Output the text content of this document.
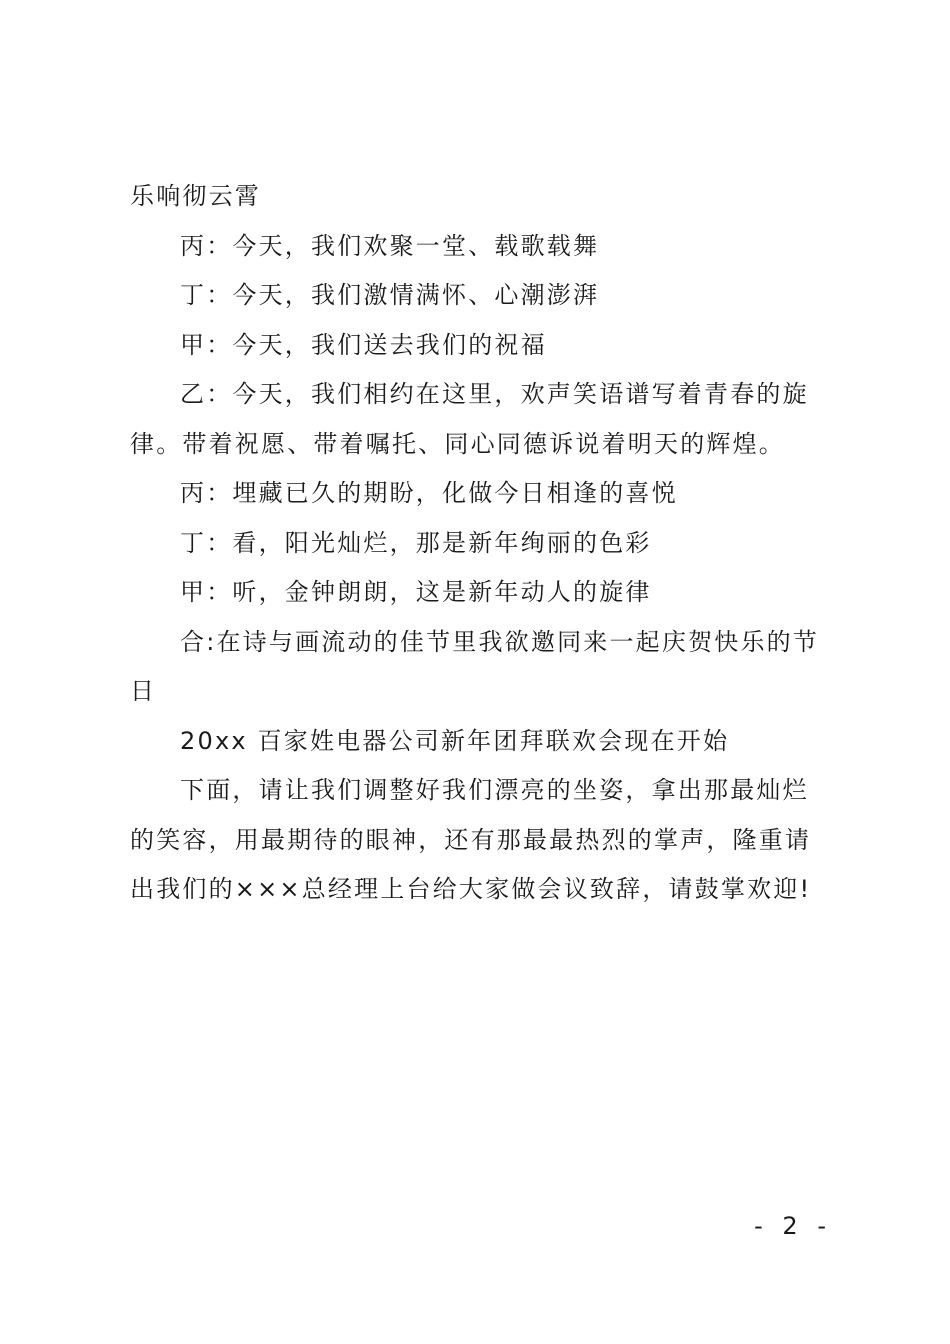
乐响彻云霄

丙：今天，我们欢聚一堂、载歌载舞

丁：今天，我们激情满怀、心潮澎湃

甲：今天，我们送去我们的祝福

乙：今天，我们相约在这里，欢声笑语谱写着青春的旋律。带着祝愿、带着嘱托、同心同德诉说着明天的辉煌。

丙：埋藏已久的期盼，化做今日相逢的喜悦

丁：看，阳光灿烂，那是新年绚丽的色彩

甲：听，金钟朗朗，这是新年动人的旋律

合:在诗与画流动的佳节里我欲邀同来一起庆贺快乐的节日

20xx 百家姓电器公司新年团拜联欢会现在开始

下面，请让我们调整好我们漂亮的坐姿，拿出那最灿烂的笑容，用最期待的眼神，还有那最最热烈的掌声，隆重请出我们的×××总经理上台给大家做会议致辞，请鼓掌欢迎!

- 2 -
